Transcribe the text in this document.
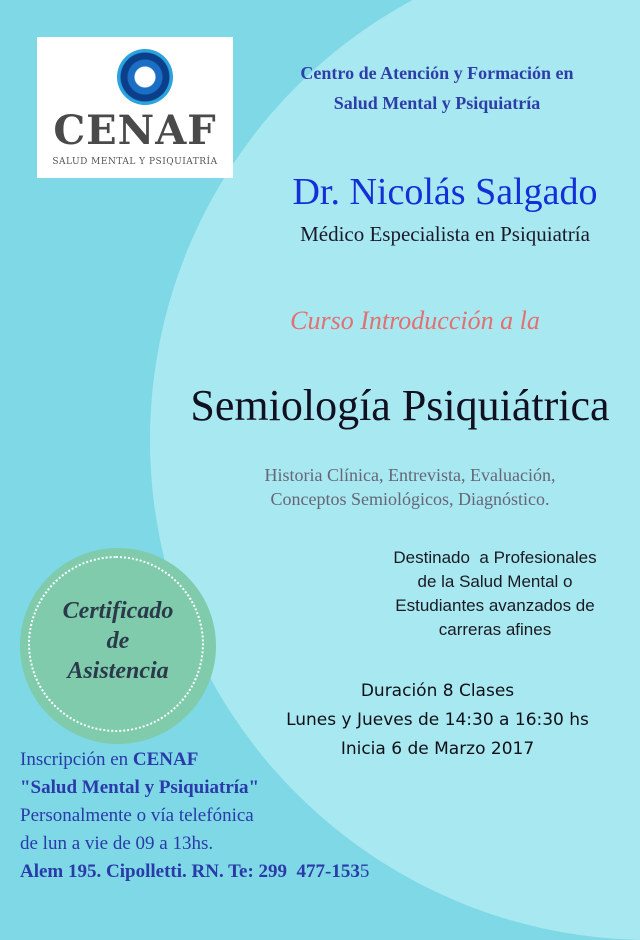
CENAF
SALUD MENTAL Y PSIQUIATRÍA
Centro de Atención y Formación en
Salud Mental y Psiquiatría
Dr. Nicolás Salgado
Médico Especialista en Psiquiatría
Curso Introducción a la
Semiología Psiquiátrica
Historia Clínica, Entrevista, Evaluación,
Conceptos Semiológicos, Diagnóstico.
Destinado  a Profesionales
de la Salud Mental o
Estudiantes avanzados de
carreras afines
Certificado
de
Asistencia
Duración 8 Clases
Lunes y Jueves de 14:30 a 16:30 hs
Inicia 6 de Marzo 2017
Inscripción en CENAF
"Salud Mental y Psiquiatría"
Personalmente o vía telefónica
de lun a vie de 09 a 13hs.
Alem 195. Cipolletti. RN. Te: 299  477-1535
